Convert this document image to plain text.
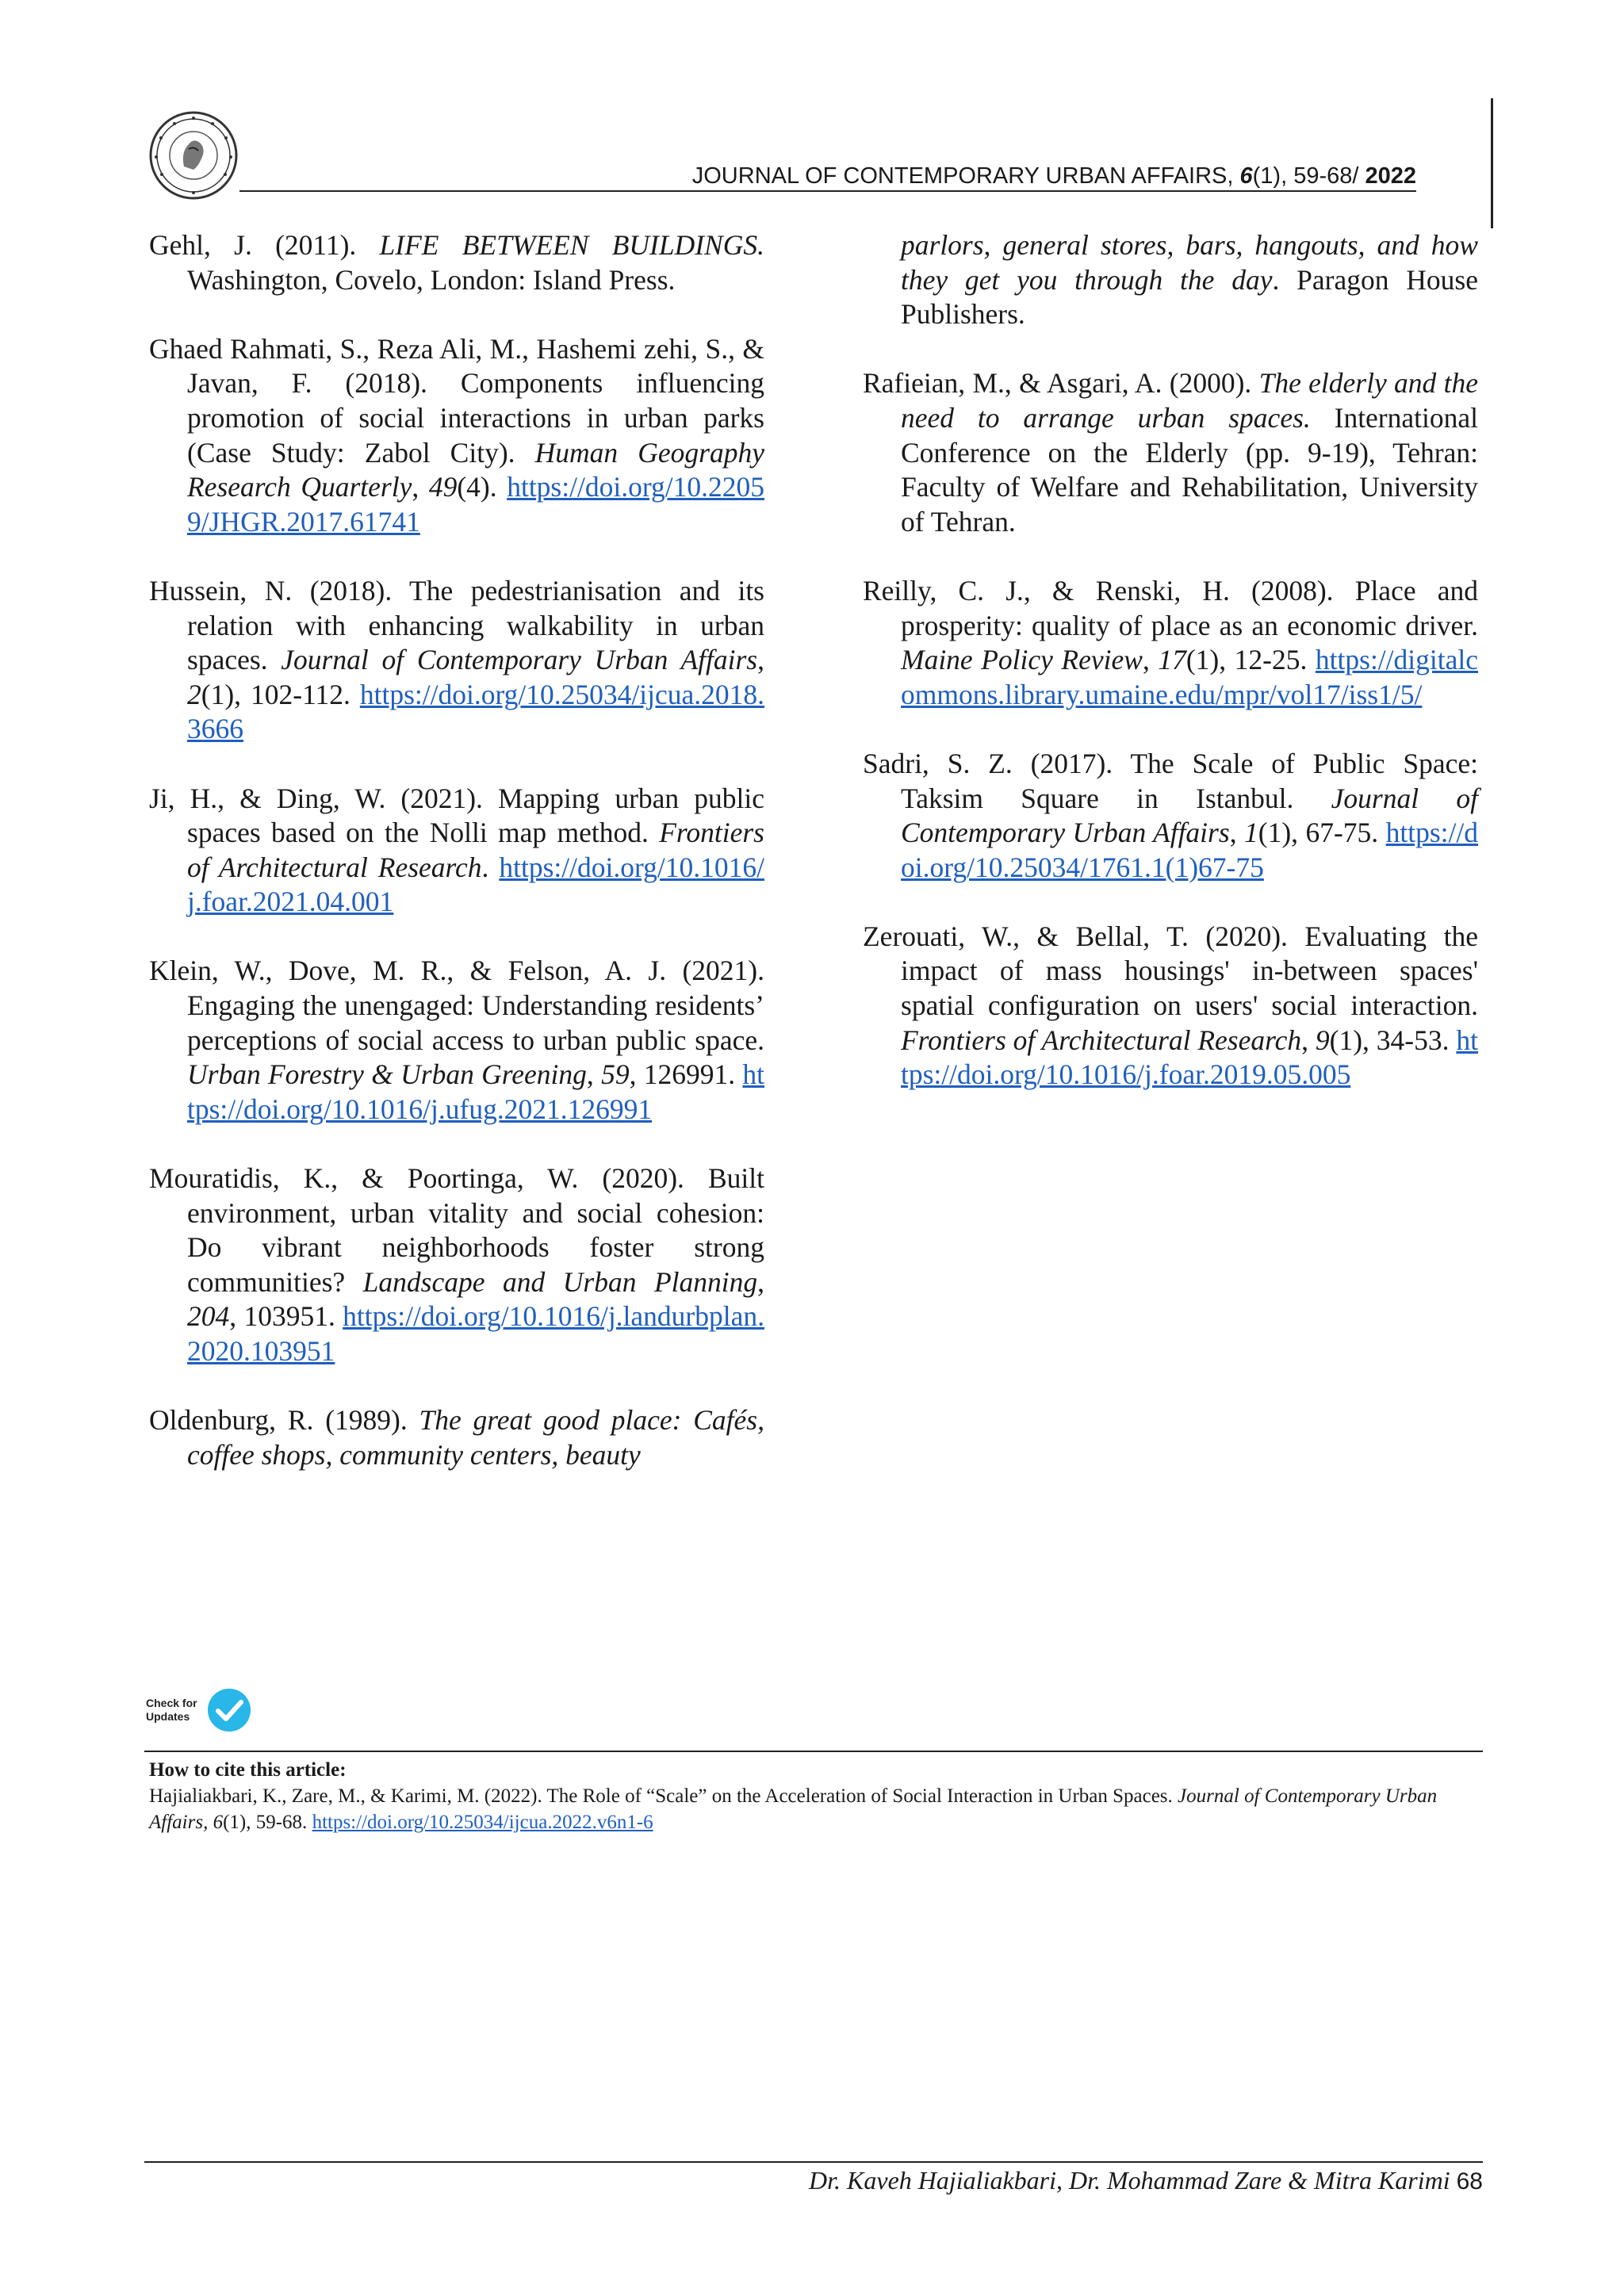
JOURNAL OF CONTEMPORARY URBAN AFFAIRS, 6(1), 59-68/ 2022

Gehl, J. (2011). LIFE BETWEEN BUILDINGS. Washington, Covelo, London: Island Press.

Ghaed Rahmati, S., Reza Ali, M., Hashemi zehi, S., & Javan, F. (2018). Components influencing promotion of social interactions in urban parks (Case Study: Zabol City). Human Geography Research Quarterly, 49(4). https://doi.org/10.22059/JHGR.2017.61741

Hussein, N. (2018). The pedestrianisation and its relation with enhancing walkability in urban spaces. Journal of Contemporary Urban Affairs, 2(1), 102-112. https://doi.org/10.25034/ijcua.2018.3666

Ji, H., & Ding, W. (2021). Mapping urban public spaces based on the Nolli map method. Frontiers of Architectural Research. https://doi.org/10.1016/j.foar.2021.04.001

Klein, W., Dove, M. R., & Felson, A. J. (2021). Engaging the unengaged: Understanding residents’ perceptions of social access to urban public space. Urban Forestry & Urban Greening, 59, 126991. https://doi.org/10.1016/j.ufug.2021.126991

Mouratidis, K., & Poortinga, W. (2020). Built environment, urban vitality and social cohesion: Do vibrant neighborhoods foster strong communities? Landscape and Urban Planning, 204, 103951. https://doi.org/10.1016/j.landurbplan.2020.103951

Oldenburg, R. (1989). The great good place: Cafés, coffee shops, community centers, beauty

parlors, general stores, bars, hangouts, and how they get you through the day. Paragon House Publishers.

Rafieian, M., & Asgari, A. (2000). The elderly and the need to arrange urban spaces. International Conference on the Elderly (pp. 9-19), Tehran: Faculty of Welfare and Rehabilitation, University of Tehran.

Reilly, C. J., & Renski, H. (2008). Place and prosperity: quality of place as an economic driver. Maine Policy Review, 17(1), 12-25. https://digitalcommons.library.umaine.edu/mpr/vol17/iss1/5/

Sadri, S. Z. (2017). The Scale of Public Space: Taksim Square in Istanbul. Journal of Contemporary Urban Affairs, 1(1), 67-75. https://doi.org/10.25034/1761.1(1)67-75

Zerouati, W., & Bellal, T. (2020). Evaluating the impact of mass housings' in-between spaces' spatial configuration on users' social interaction. Frontiers of Architectural Research, 9(1), 34-53. https://doi.org/10.1016/j.foar.2019.05.005

Check for
Updates
How to cite this article:
Hajialiakbari, K., Zare, M., & Karimi, M. (2022). The Role of “Scale” on the Acceleration of Social Interaction in Urban Spaces. Journal of Contemporary Urban Affairs, 6(1), 59-68. https://doi.org/10.25034/ijcua.2022.v6n1-6
Dr. Kaveh Hajialiakbari, Dr. Mohammad Zare & Mitra Karimi 68
